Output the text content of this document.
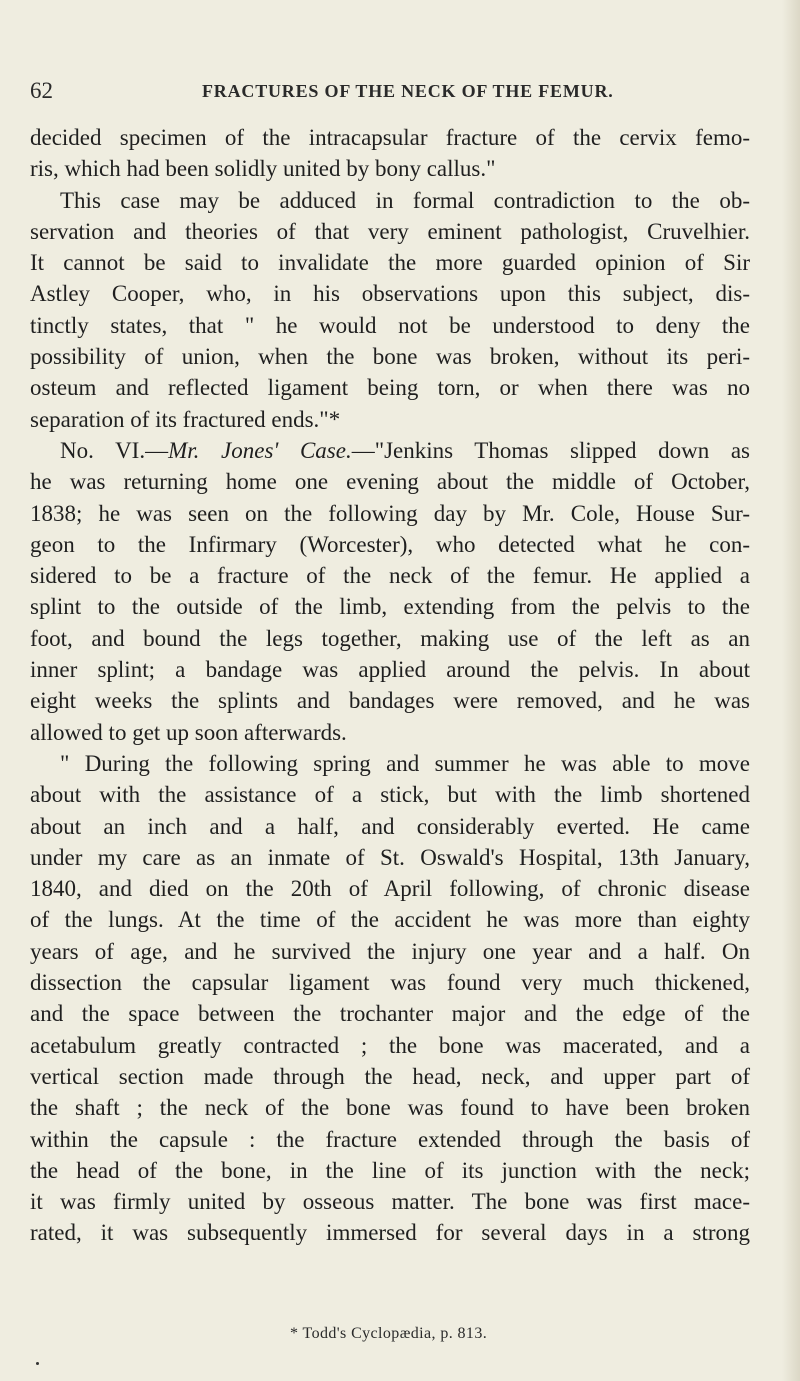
62	FRACTURES OF THE NECK OF THE FEMUR.
decided specimen of the intracapsular fracture of the cervix femo-
ris, which had been solidly united by bony callus."
This case may be adduced in formal contradiction to the ob-
servation and theories of that very eminent pathologist, Cruvelhier.
It cannot be said to invalidate the more guarded opinion of Sir
Astley Cooper, who, in his observations upon this subject, dis-
tinctly states, that " he would not be understood to deny the
possibility of union, when the bone was broken, without its peri-
osteum and reflected ligament being torn, or when there was no
separation of its fractured ends."*
No. VI.—Mr. Jones' Case.—"Jenkins Thomas slipped down as
he was returning home one evening about the middle of October,
1838; he was seen on the following day by Mr. Cole, House Sur-
geon to the Infirmary (Worcester), who detected what he con-
sidered to be a fracture of the neck of the femur. He applied a
splint to the outside of the limb, extending from the pelvis to the
foot, and bound the legs together, making use of the left as an
inner splint; a bandage was applied around the pelvis. In about
eight weeks the splints and bandages were removed, and he was
allowed to get up soon afterwards.
" During the following spring and summer he was able to move
about with the assistance of a stick, but with the limb shortened
about an inch and a half, and considerably everted. He came
under my care as an inmate of St. Oswald's Hospital, 13th January,
1840, and died on the 20th of April following, of chronic disease
of the lungs. At the time of the accident he was more than eighty
years of age, and he survived the injury one year and a half. On
dissection the capsular ligament was found very much thickened,
and the space between the trochanter major and the edge of the
acetabulum greatly contracted ; the bone was macerated, and a
vertical section made through the head, neck, and upper part of
the shaft ; the neck of the bone was found to have been broken
within the capsule : the fracture extended through the basis of
the head of the bone, in the line of its junction with the neck;
it was firmly united by osseous matter. The bone was first mace-
rated, it was subsequently immersed for several days in a strong
* Todd's Cyclopædia, p. 813.
